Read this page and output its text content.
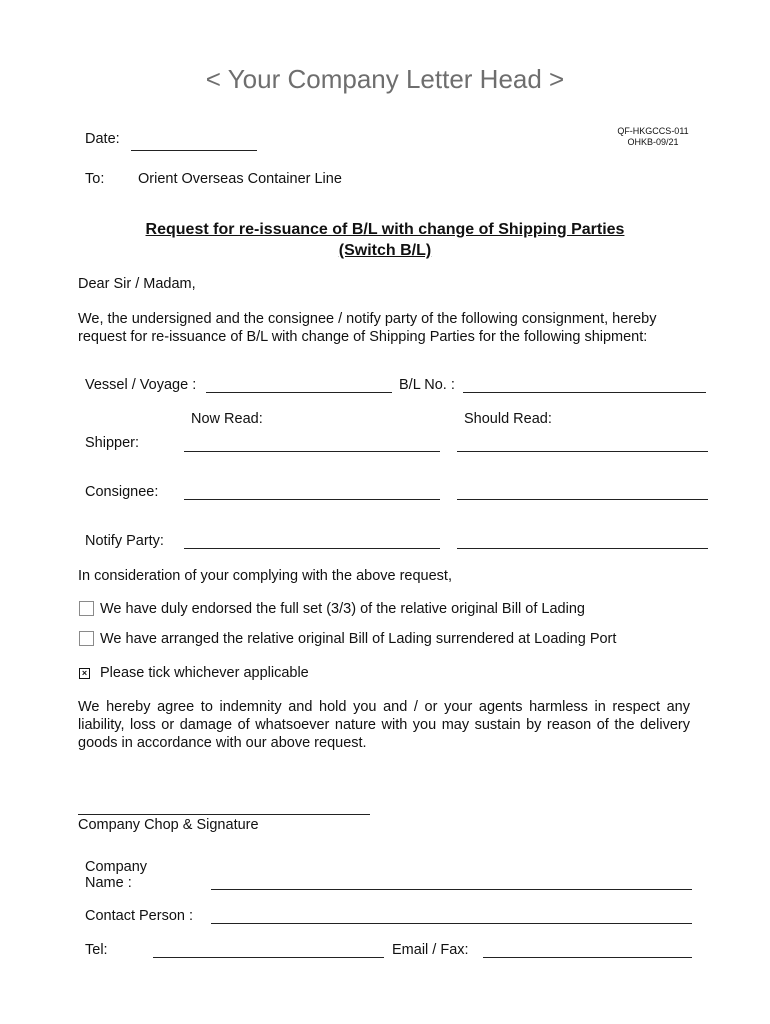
< Your Company Letter Head >
QF-HKGCCS-011
OHKB-09/21
Date:
To: Orient Overseas Container Line
Request for re-issuance of B/L with change of Shipping Parties
(Switch B/L)
Dear Sir / Madam,
We, the undersigned and the consignee / notify party of the following consignment, hereby request for re-issuance of B/L with change of Shipping Parties for the following shipment:
Vessel / Voyage :	B/L No. :
Now Read:	Should Read:
Shipper:
Consignee:
Notify Party:
In consideration of your complying with the above request,
We have duly endorsed the full set (3/3) of the relative original Bill of Lading
We have arranged the relative original Bill of Lading surrendered at Loading Port
× Please tick whichever applicable
We hereby agree to indemnity and hold you and / or your agents harmless in respect any liability, loss or damage of whatsoever nature with you may sustain by reason of the delivery goods in accordance with our above request.
Company Chop & Signature
Company
Name :
Contact Person :
Tel:	Email / Fax:
